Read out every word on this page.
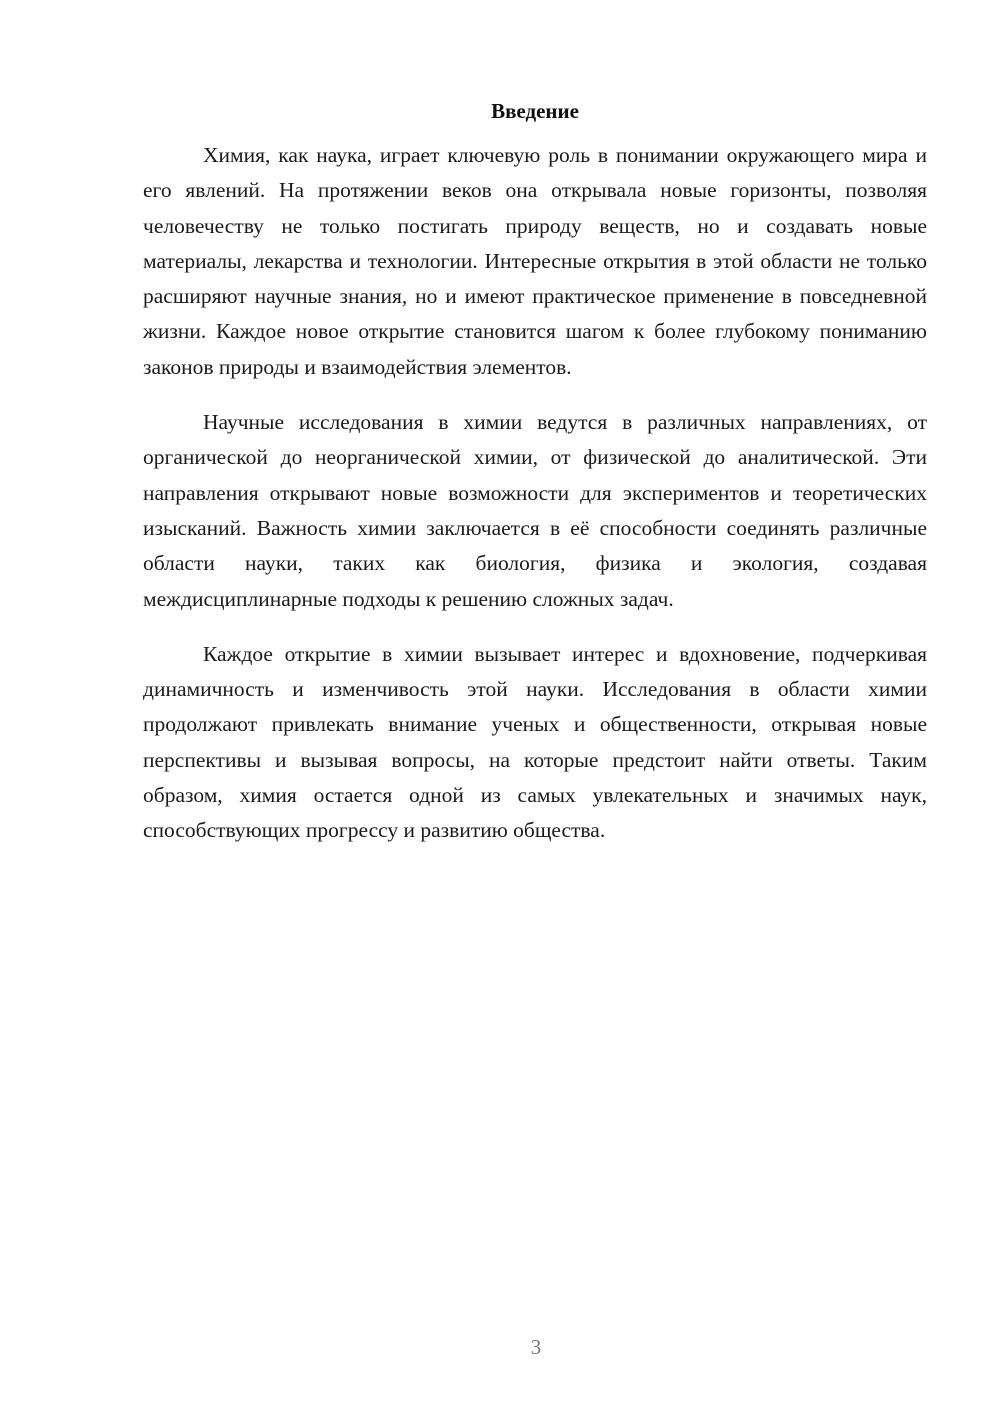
Введение

Химия, как наука, играет ключевую роль в понимании окружающего мира и его явлений. На протяжении веков она открывала новые горизонты, позволяя человечеству не только постигать природу веществ, но и создавать новые материалы, лекарства и технологии. Интересные открытия в этой области не только расширяют научные знания, но и имеют практическое применение в повседневной жизни. Каждое новое открытие становится шагом к более глубокому пониманию законов природы и взаимодействия элементов.

Научные исследования в химии ведутся в различных направлениях, от органической до неорганической химии, от физической до аналитической. Эти направления открывают новые возможности для экспериментов и теоретических изысканий. Важность химии заключается в её способности соединять различные области науки, таких как биология, физика и экология, создавая междисциплинарные подходы к решению сложных задач.

Каждое открытие в химии вызывает интерес и вдохновение, подчеркивая динамичность и изменчивость этой науки. Исследования в области химии продолжают привлекать внимание ученых и общественности, открывая новые перспективы и вызывая вопросы, на которые предстоит найти ответы. Таким образом, химия остается одной из самых увлекательных и значимых наук, способствующих прогрессу и развитию общества.

3
